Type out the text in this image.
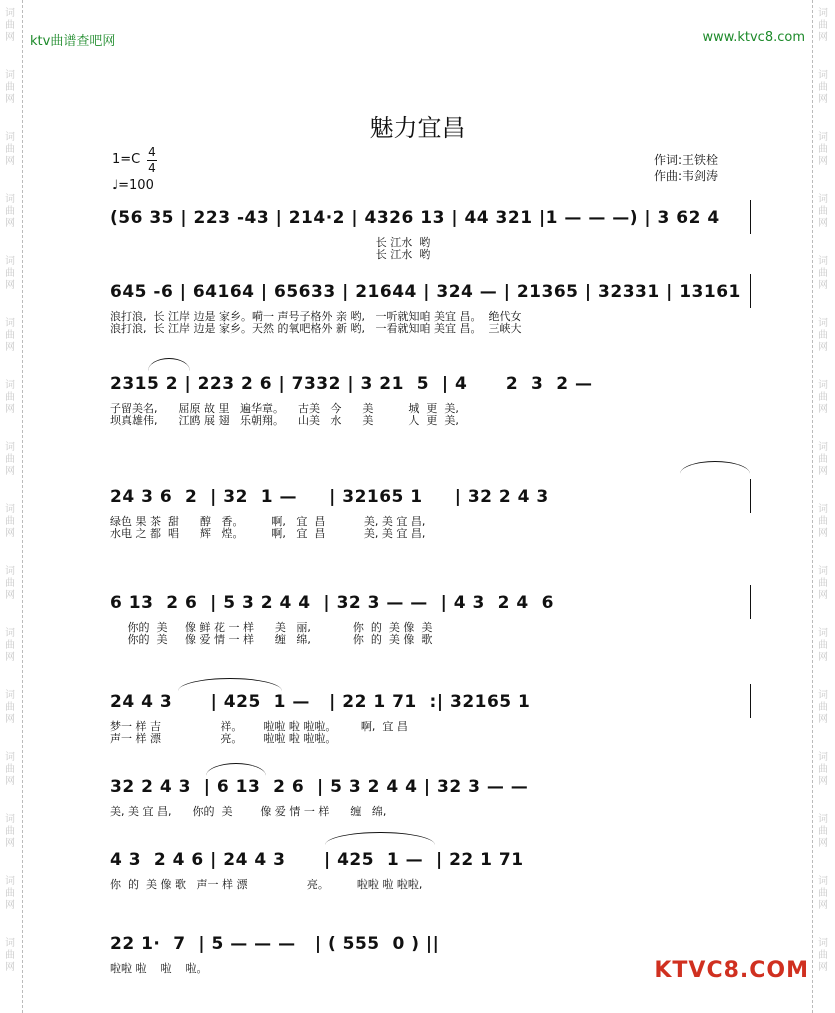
词
曲
网
词
曲
网
词
曲
网
词
曲
网
词
曲
网
词
曲
网
词
曲
网
词
曲
网
词
曲
网
词
曲
网
词
曲
网
词
曲
网
词
曲
网
词
曲
网
词
曲
网
词
曲
网
词
曲
网
词
曲
网
词
曲
网
词
曲
网
词
曲
网
词
曲
网
词
曲
网
词
曲
网
词
曲
网
词
曲
网
词
曲
网
词
曲
网
词
曲
网
词
曲
网
词
曲
网
词
曲
网
ktv曲谱查吧网	www.ktvc8.com
魅力宜昌
1=C 4
4
♩=100
作词:王铁栓
作曲:韦剑涛
(56 35 | 223 -43 | 214·2 | 4326 13 | 44 321 |1 — — —) | 3 62 4
长 江水  哟
长 江水  哟
645 -6 | 64164 | 65633 | 21644 | 324 — | 21365 | 32331 | 13161
浪打浪,  长 江岸 边是 家乡。嗬一 声号子格外 亲 哟,   一听就知咱 美宜 昌。  绝代女
浪打浪,  长 江岸 边是 家乡。天然 的氧吧格外 新 哟,   一看就知咱 美宜 昌。  三峡大
2315 2 | 223 2 6 | 7332 | 3 21  5  | 4      2  3  2 —
子留美名,      屈原 故 里   遍华章。    古美   今      美          城  更  美,
坝真雄伟,      江鸥 展 翅   乐朝翔。    山美   水      美          人  更  美,
24 3 6  2  | 32  1 —     | 32165 1     | 32 2 4 3
绿色 果 茶  甜      醇   香。        啊,   宜  昌           美, 美 宜 昌,
水电 之 都  唱      辉   煌。        啊,   宜  昌           美, 美 宜 昌,
6 13  2 6  | 5 3 2 4 4  | 32 3 — —  | 4 3  2 4  6
你的  美     像 鲜 花 一 样      美   丽,            你  的  美 像  美
你的  美     像 爱 情 一 样      缠   绵,            你  的  美 像  歌
24 4 3      | 425  1 —   | 22 1 71  :| 32165 1
梦一 样 吉                 祥。      啦啦 啦 啦啦。       啊,  宜 昌
声一 样 漂                 亮。      啦啦 啦 啦啦。
32 2 4 3  | 6 13  2 6  | 5 3 2 4 4 | 32 3 — —
美, 美 宜 昌,      你的  美        像 爱 情 一 样      缠   绵,
4 3  2 4 6 | 24 4 3      | 425  1 —  | 22 1 71
你  的  美 像 歌   声一 样 漂                 亮。        啦啦 啦 啦啦,
22 1·  7  | 5 — — —   | ( 555  0 ) ||
啦啦 啦    啦    啦。	KTVC8.COM
